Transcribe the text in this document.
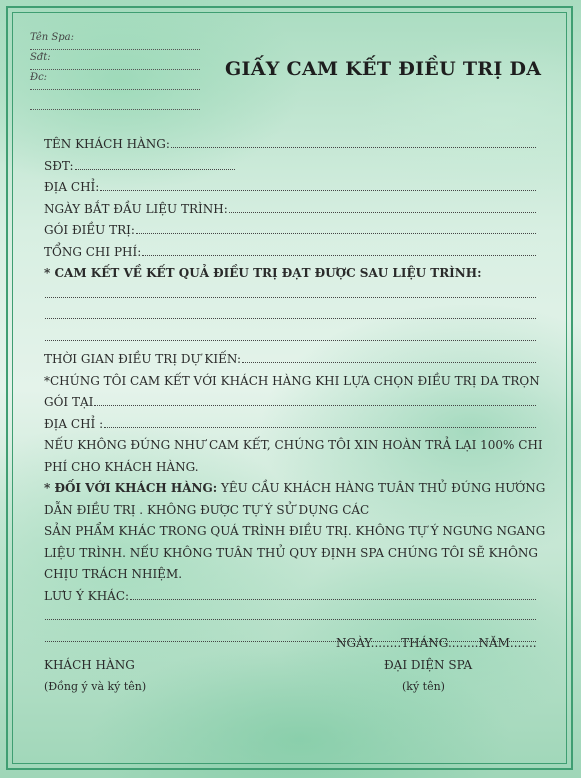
Tên Spa:
Sđt:
Đc:	GIẤY CAM KẾT ĐIỀU TRỊ DA
TÊN KHÁCH HÀNG:
SĐT:
ĐỊA CHỈ:
NGÀY BẮT ĐẦU LIỆU TRÌNH:
GÓI ĐIỀU TRỊ:
TỔNG CHI PHÍ:
* CAM KẾT VỀ KẾT QUẢ ĐIỀU TRỊ ĐẠT ĐƯỢC SAU LIỆU TRÌNH:
THỜI GIAN ĐIỀU TRỊ DỰ KIẾN:
*CHÚNG TÔI CAM KẾT VỚI KHÁCH HÀNG KHI LỰA CHỌN ĐIỀU TRỊ DA TRỌN
GÓI TẠI
ĐỊA CHỈ :
NẾU KHÔNG ĐÚNG NHƯ CAM KẾT, CHÚNG TÔI XIN HOÀN TRẢ LẠI 100% CHI
PHÍ CHO KHÁCH HÀNG.
* ĐỐI VỚI KHÁCH HÀNG: YÊU CẦU KHÁCH HÀNG TUÂN THỦ ĐÚNG HƯỚNG
DẪN ĐIỀU TRỊ . KHÔNG ĐƯỢC TỰ Ý SỬ DỤNG CÁC
SẢN PHẨM KHÁC TRONG QUÁ TRÌNH ĐIỀU TRỊ. KHÔNG TỰ Ý NGƯNG NGANG
LIỆU TRÌNH. NẾU KHÔNG TUÂN THỦ QUY ĐỊNH SPA CHÚNG TÔI SẼ KHÔNG
CHỊU TRÁCH NHIỆM.
LƯU Ý KHÁC:
NGÀY........THÁNG........NĂM.......
KHÁCH HÀNG	ĐẠI DIỆN SPA
(Đồng ý và ký tên)	(ký tên)
